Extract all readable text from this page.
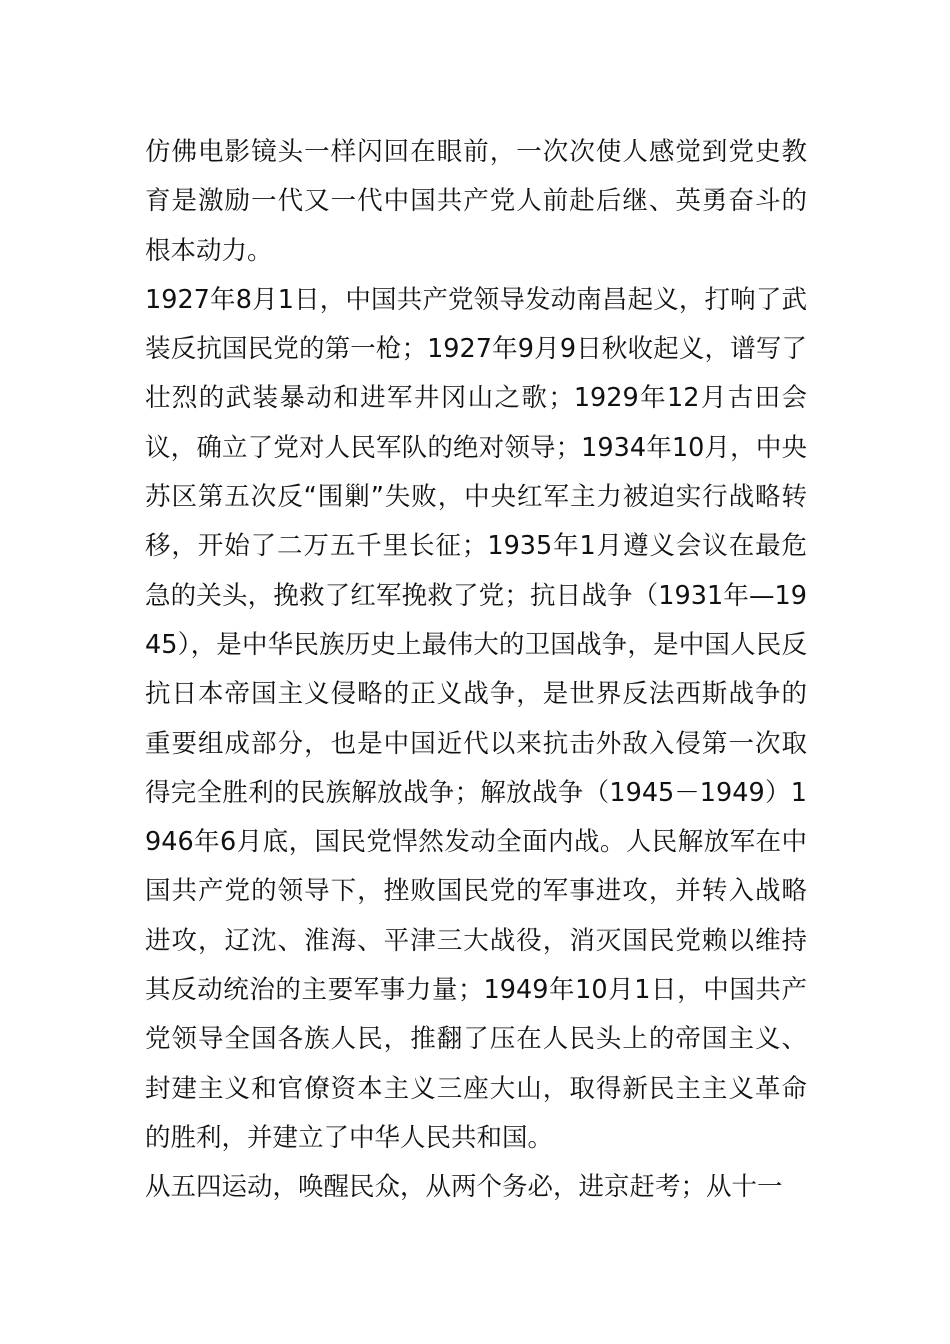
仿佛电影镜头一样闪回在眼前，一次次使人感觉到党史教育是激励一代又一代中国共产党人前赴后继、英勇奋斗的根本动力。

1927年8月1日，中国共产党领导发动南昌起义，打响了武装反抗国民党的第一枪；1927年9月9日秋收起义，谱写了壮烈的武装暴动和进军井冈山之歌；1929年12月古田会议，确立了党对人民军队的绝对领导；1934年10月，中央苏区第五次反“围剿”失败，中央红军主力被迫实行战略转移，开始了二万五千里长征；1935年1月遵义会议在最危急的关头，挽救了红军挽救了党；抗日战争（1931年—1945），是中华民族历史上最伟大的卫国战争，是中国人民反抗日本帝国主义侵略的正义战争，是世界反法西斯战争的重要组成部分，也是中国近代以来抗击外敌入侵第一次取得完全胜利的民族解放战争；解放战争（1945－1949）1946年6月底，国民党悍然发动全面内战。人民解放军在中国共产党的领导下，挫败国民党的军事进攻，并转入战略进攻，辽沈、淮海、平津三大战役，消灭国民党赖以维持其反动统治的主要军事力量；1949年10月1日，中国共产党领导全国各族人民，推翻了压在人民头上的帝国主义、封建主义和官僚资本主义三座大山，取得新民主主义革命的胜利，并建立了中华人民共和国。

从五四运动，唤醒民众，从两个务必，进京赶考；从十一
